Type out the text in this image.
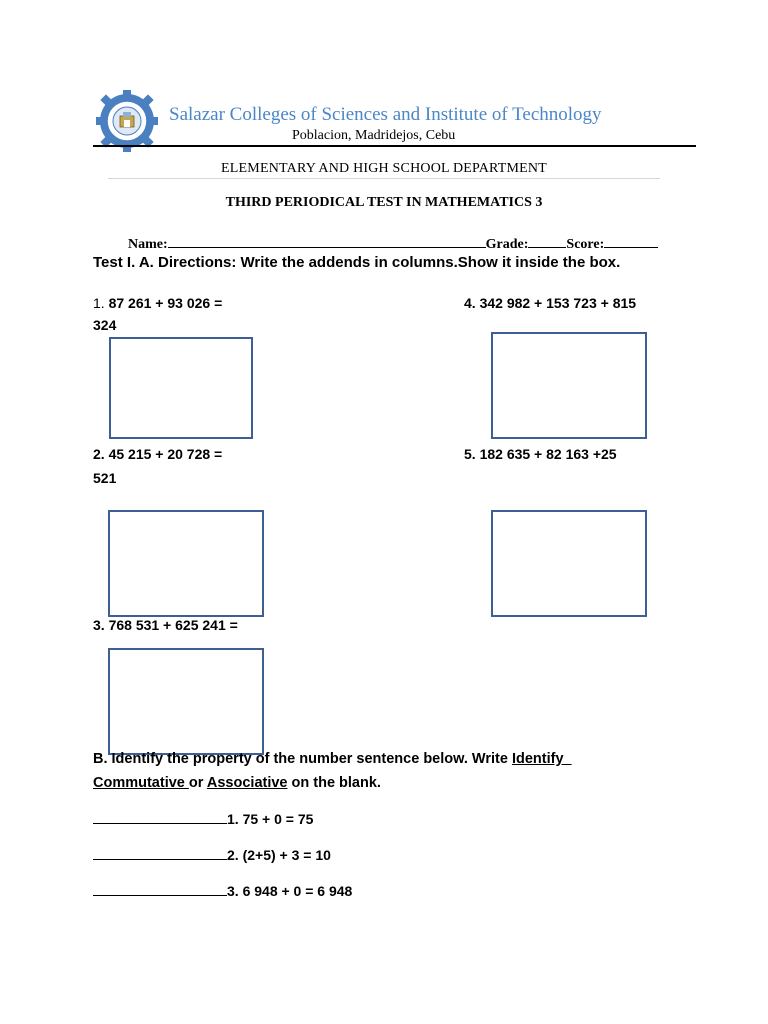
Salazar Colleges of Sciences and Institute of Technology
Poblacion, Madridejos, Cebu
ELEMENTARY AND HIGH SCHOOL DEPARTMENT
THIRD PERIODICAL TEST IN MATHEMATICS 3
Name:	Grade:	Score:
Test I. A. Directions: Write the addends in columns.Show it inside the box.
1. 87 261 + 93 026 =
324
4. 342 982 + 153 723 + 815
2. 45 215 + 20 728 =
521
5. 182 635 + 82 163 +25
3. 768 531 + 625 241 =
B. Identify the property of the number sentence below. Write Identify
Commutative or Associative on the blank.
1. 75 + 0 = 75
2. (2+5) + 3 = 10
3. 6 948 + 0 = 6 948
